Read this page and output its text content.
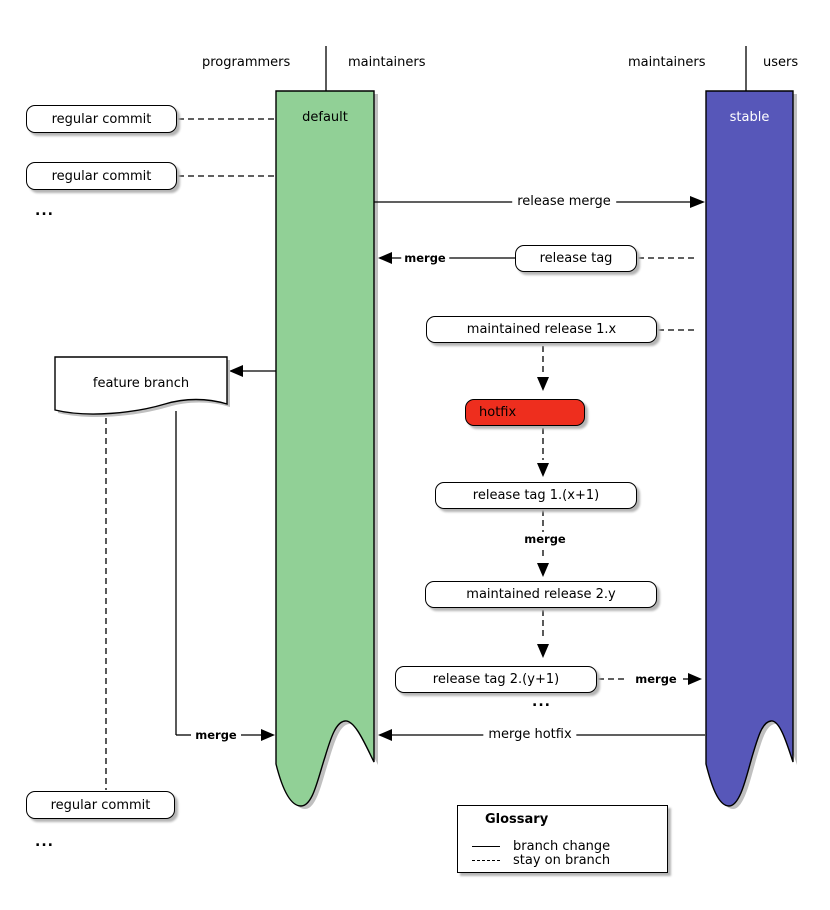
programmers	maintainers	maintainers	users
default	stable
regular commit
regular commit
release tag
maintained release 1.x
hotfix
release tag 1.(x+1)
maintained release 2.y
release tag 2.(y+1)
regular commit
feature branch
release merge
merge
merge
merge
merge	merge hotfix
...
...
...
Glossary
branch change
stay on branch
